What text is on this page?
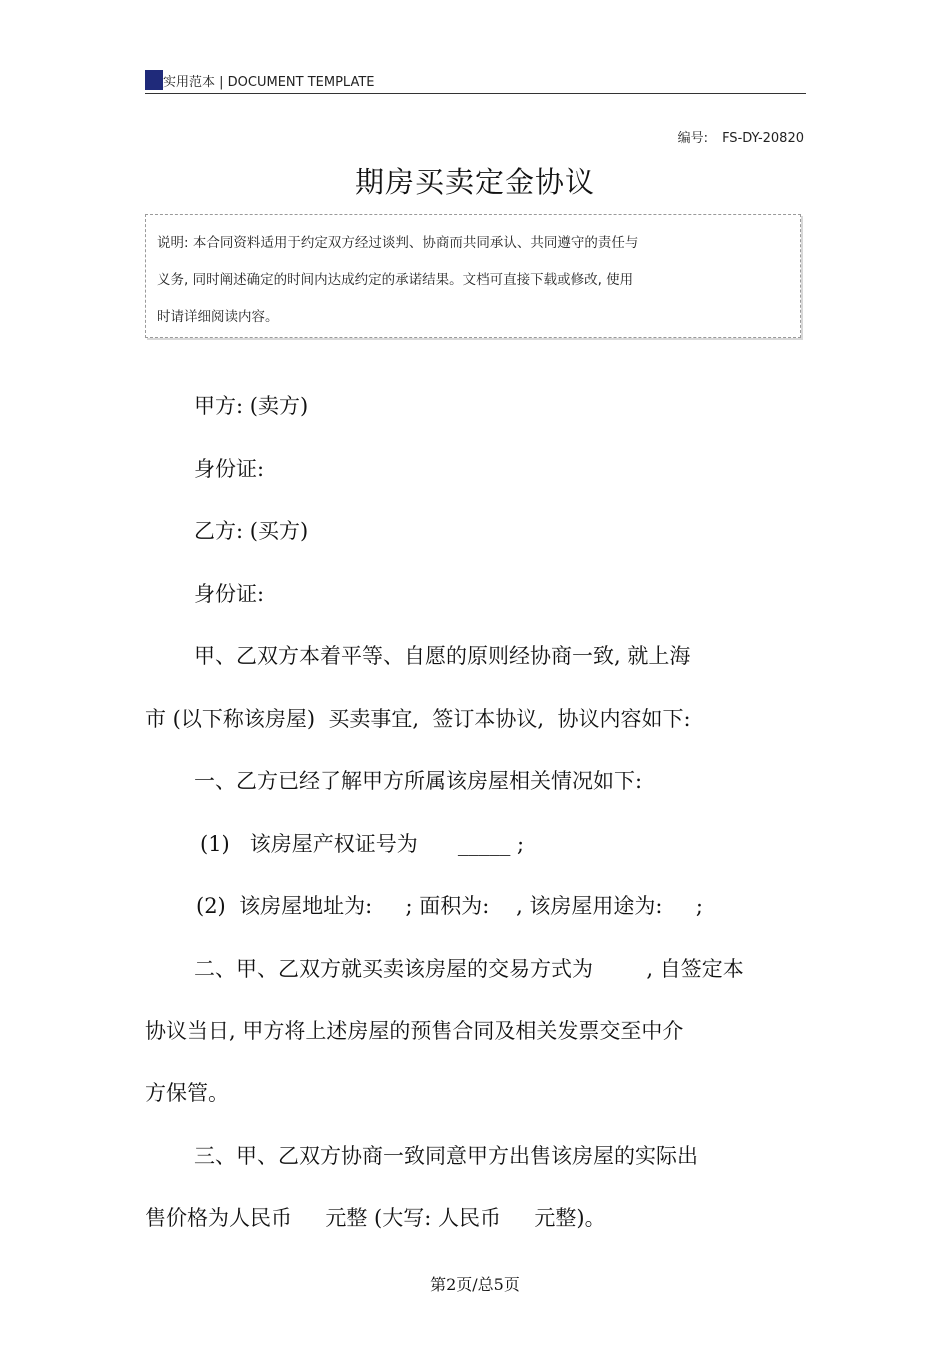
实用范本 | DOCUMENT TEMPLATE
编号: FS-DY-20820
期房买卖定金协议
说明: 本合同资料适用于约定双方经过谈判、协商而共同承认、共同遵守的责任与
义务, 同时阐述确定的时间内达成约定的承诺结果。文档可直接下载或修改, 使用
时请详细阅读内容。
甲方: (卖方)
身份证:
乙方: (买方)
身份证:
甲、乙双方本着平等、自愿的原则经协商一致, 就上海
市 (以下称该房屋)  买卖事宜,  签订本协议,  协议内容如下:
一、乙方已经了解甲方所属该房屋相关情况如下:
(1)   该房屋产权证号为      _____ ;
(2)  该房屋地址为:     ; 面积为:    , 该房屋用途为:     ;
二、甲、乙双方就买卖该房屋的交易方式为        , 自签定本
协议当日, 甲方将上述房屋的预售合同及相关发票交至中介
方保管。
三、甲、乙双方协商一致同意甲方出售该房屋的实际出
售价格为人民币     元整 (大写: 人民币     元整)。
第2页/总5页
